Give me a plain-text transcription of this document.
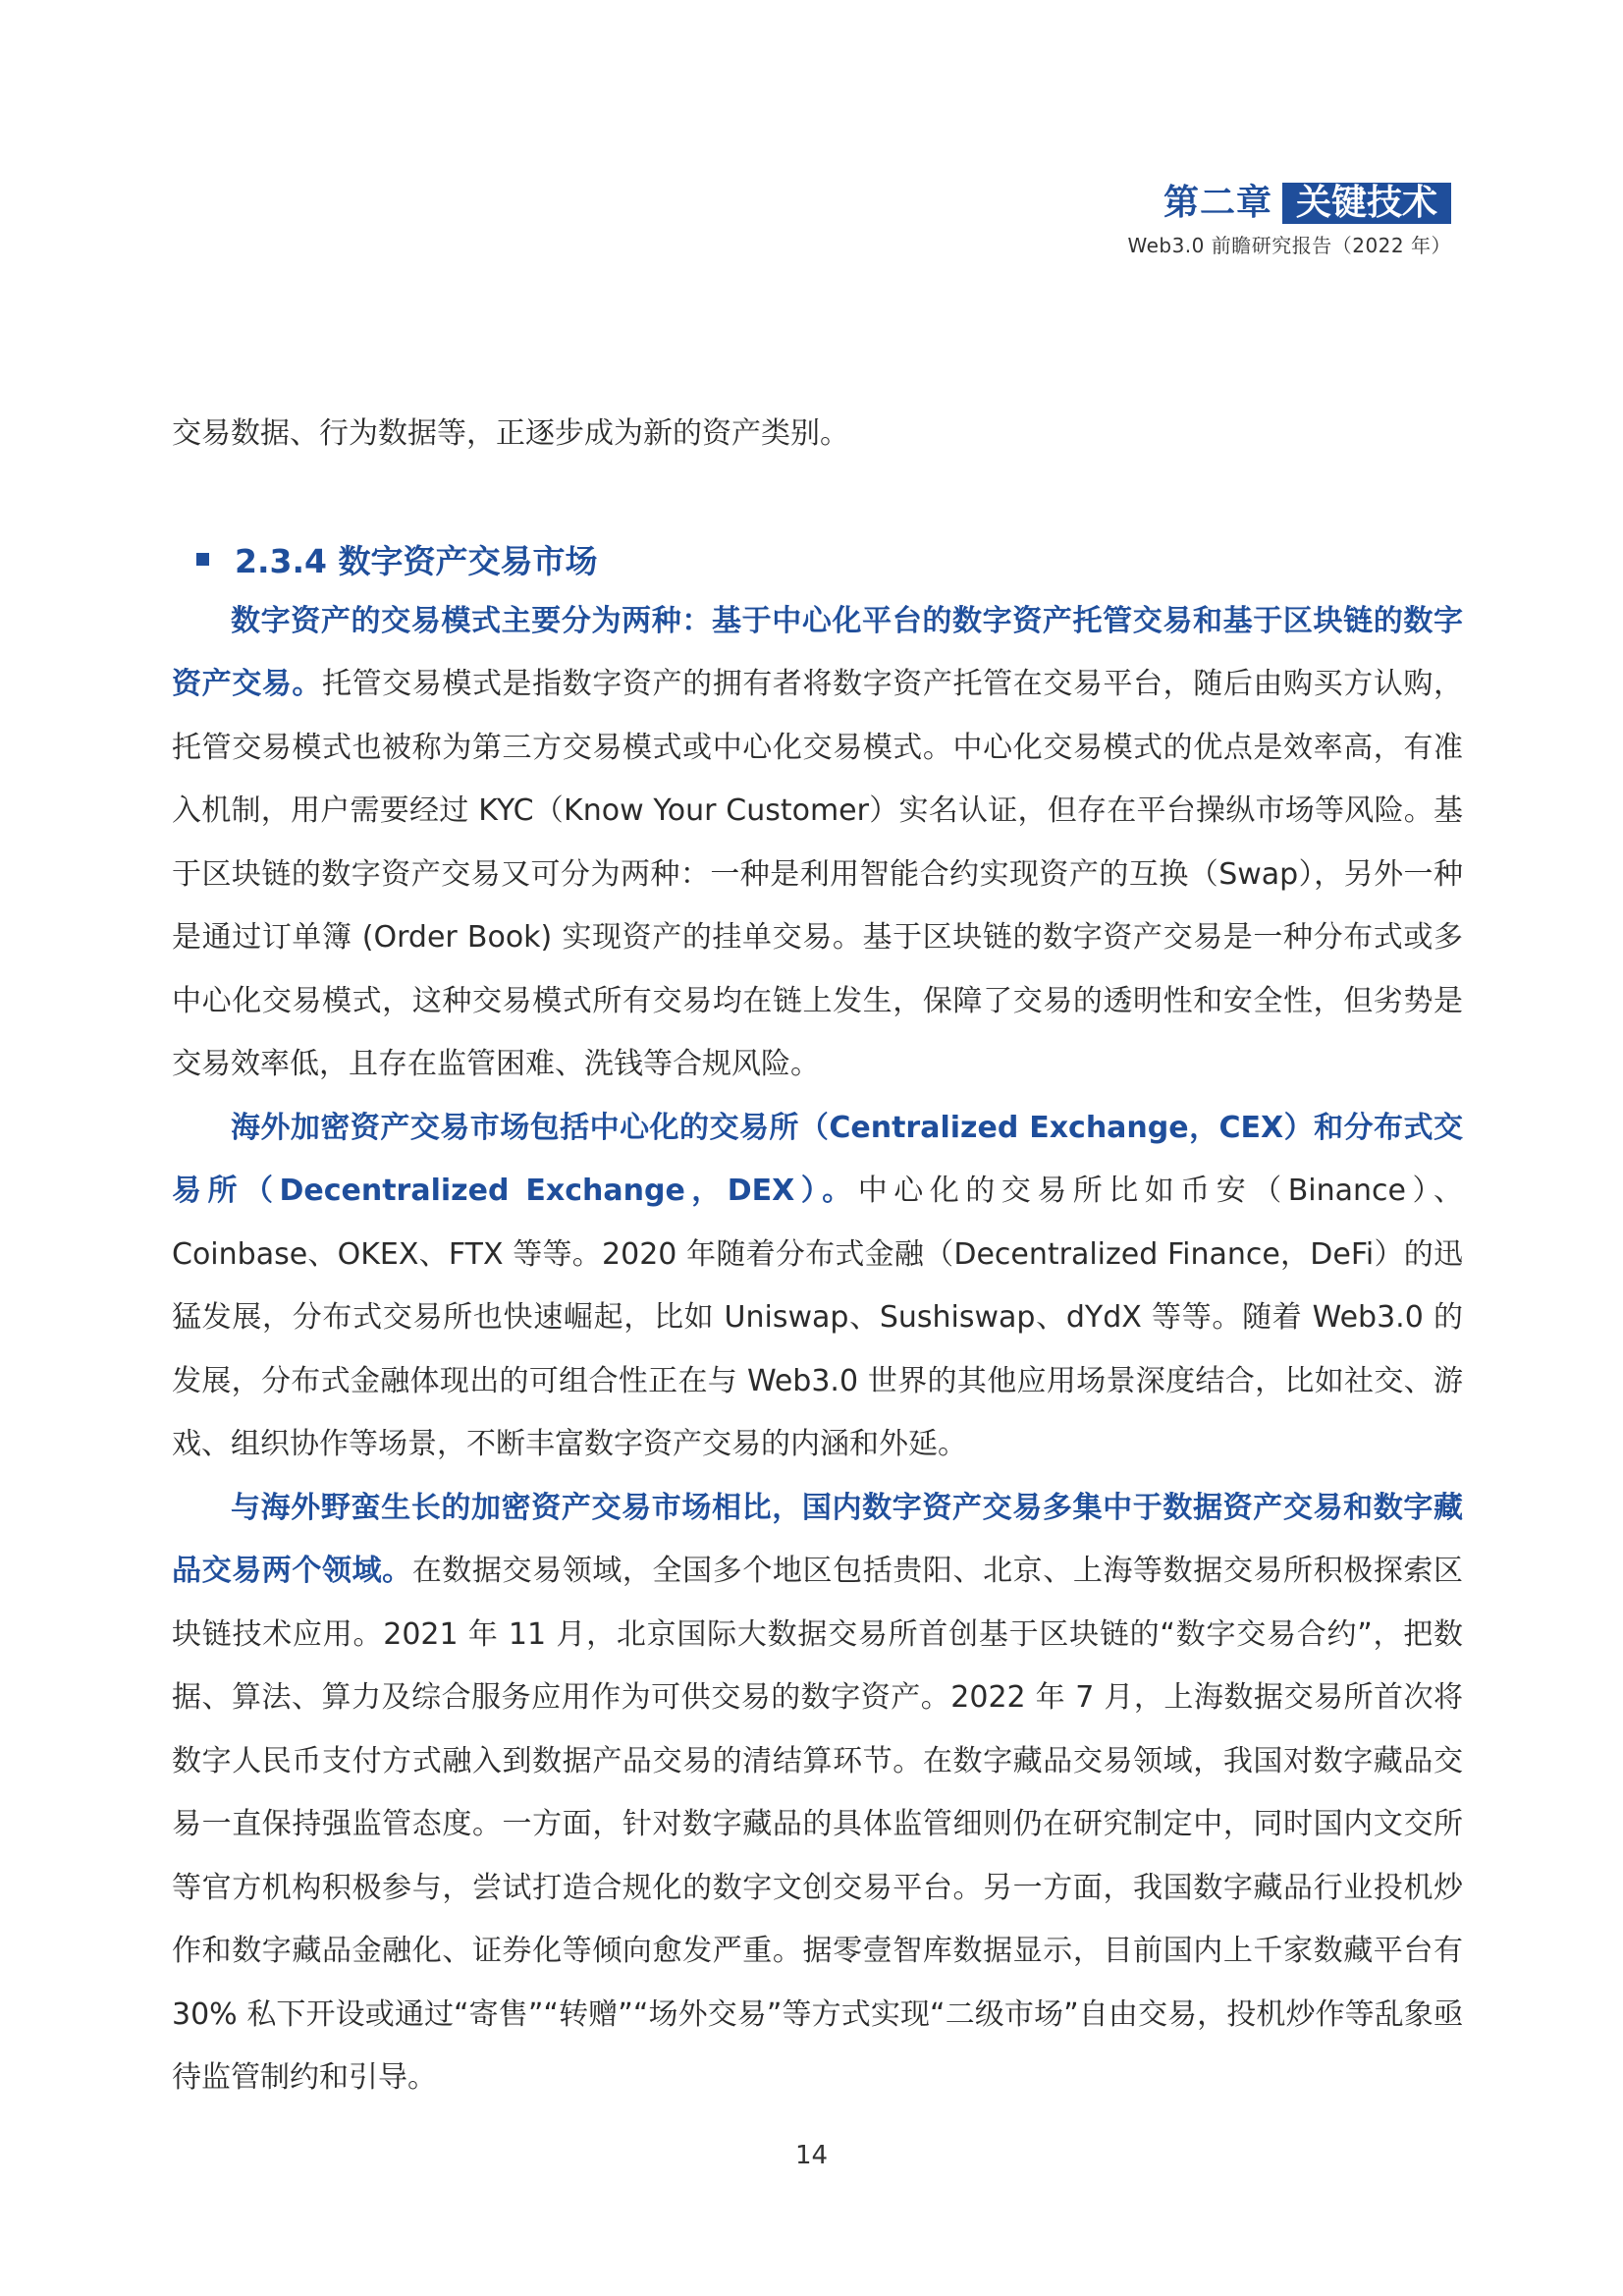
第二章 关键技术
Web3.0 前瞻研究报告（2022 年）

交易数据、行为数据等，正逐步成为新的资产类别。

2.3.4 数字资产交易市场

数字资产的交易模式主要分为两种：基于中心化平台的数字资产托管交易和基于区块链的数字资产交易。托管交易模式是指数字资产的拥有者将数字资产托管在交易平台，随后由购买方认购，托管交易模式也被称为第三方交易模式或中心化交易模式。中心化交易模式的优点是效率高，有准入机制，用户需要经过 KYC（Know Your Customer）实名认证，但存在平台操纵市场等风险。基于区块链的数字资产交易又可分为两种：一种是利用智能合约实现资产的互换（Swap），另外一种是通过订单簿 (Order Book) 实现资产的挂单交易。基于区块链的数字资产交易是一种分布式或多中心化交易模式，这种交易模式所有交易均在链上发生，保障了交易的透明性和安全性，但劣势是交易效率低，且存在监管困难、洗钱等合规风险。

海外加密资产交易市场包括中心化的交易所（Centralized Exchange，CEX）和分布式交易所（Decentralized Exchange，DEX）。中心化的交易所比如币安（Binance）、Coinbase、OKEX、FTX 等等。2020 年随着分布式金融（Decentralized Finance，DeFi）的迅猛发展，分布式交易所也快速崛起，比如 Uniswap、Sushiswap、dYdX 等等。随着 Web3.0 的发展，分布式金融体现出的可组合性正在与 Web3.0 世界的其他应用场景深度结合，比如社交、游戏、组织协作等场景，不断丰富数字资产交易的内涵和外延。

与海外野蛮生长的加密资产交易市场相比，国内数字资产交易多集中于数据资产交易和数字藏品交易两个领域。在数据交易领域，全国多个地区包括贵阳、北京、上海等数据交易所积极探索区块链技术应用。2021 年 11 月，北京国际大数据交易所首创基于区块链的“数字交易合约”，把数据、算法、算力及综合服务应用作为可供交易的数字资产。2022 年 7 月，上海数据交易所首次将数字人民币支付方式融入到数据产品交易的清结算环节。在数字藏品交易领域，我国对数字藏品交易一直保持强监管态度。一方面，针对数字藏品的具体监管细则仍在研究制定中，同时国内文交所等官方机构积极参与，尝试打造合规化的数字文创交易平台。另一方面，我国数字藏品行业投机炒作和数字藏品金融化、证券化等倾向愈发严重。据零壹智库数据显示，目前国内上千家数藏平台有 30% 私下开设或通过“寄售”“转赠”“场外交易”等方式实现“二级市场”自由交易，投机炒作等乱象亟待监管制约和引导。

14
